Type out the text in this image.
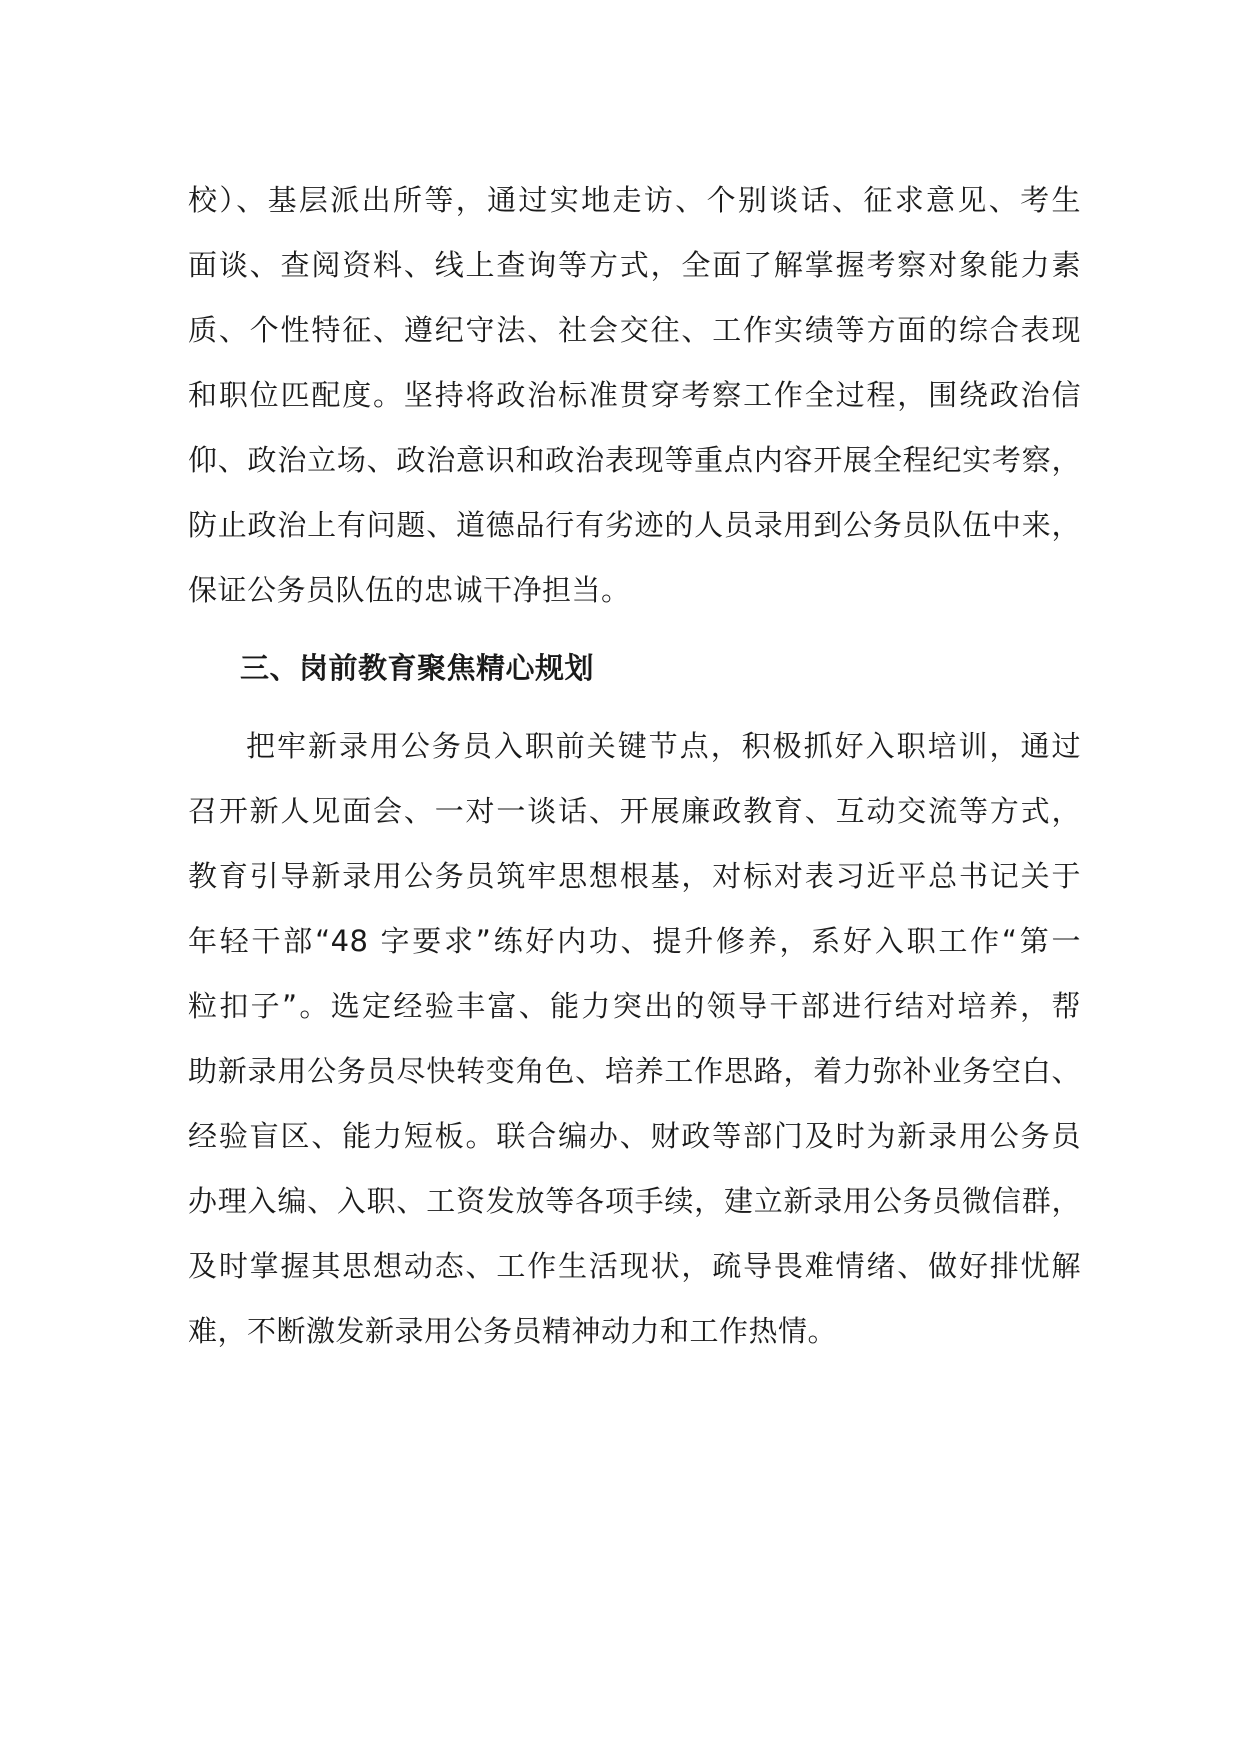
校）、基层派出所等，通过实地走访、个别谈话、征求意见、考生
面谈、查阅资料、线上查询等方式，全面了解掌握考察对象能力素
质、个性特征、遵纪守法、社会交往、工作实绩等方面的综合表现
和职位匹配度。坚持将政治标准贯穿考察工作全过程，围绕政治信
仰、政治立场、政治意识和政治表现等重点内容开展全程纪实考察，
防止政治上有问题、道德品行有劣迹的人员录用到公务员队伍中来，
保证公务员队伍的忠诚干净担当。
三、岗前教育聚焦精心规划
把牢新录用公务员入职前关键节点，积极抓好入职培训，通过
召开新人见面会、一对一谈话、开展廉政教育、互动交流等方式，
教育引导新录用公务员筑牢思想根基，对标对表习近平总书记关于
年轻干部“48 字要求”练好内功、提升修养，系好入职工作“第一
粒扣子”。选定经验丰富、能力突出的领导干部进行结对培养，帮
助新录用公务员尽快转变角色、培养工作思路，着力弥补业务空白、
经验盲区、能力短板。联合编办、财政等部门及时为新录用公务员
办理入编、入职、工资发放等各项手续，建立新录用公务员微信群，
及时掌握其思想动态、工作生活现状，疏导畏难情绪、做好排忧解
难，不断激发新录用公务员精神动力和工作热情。
